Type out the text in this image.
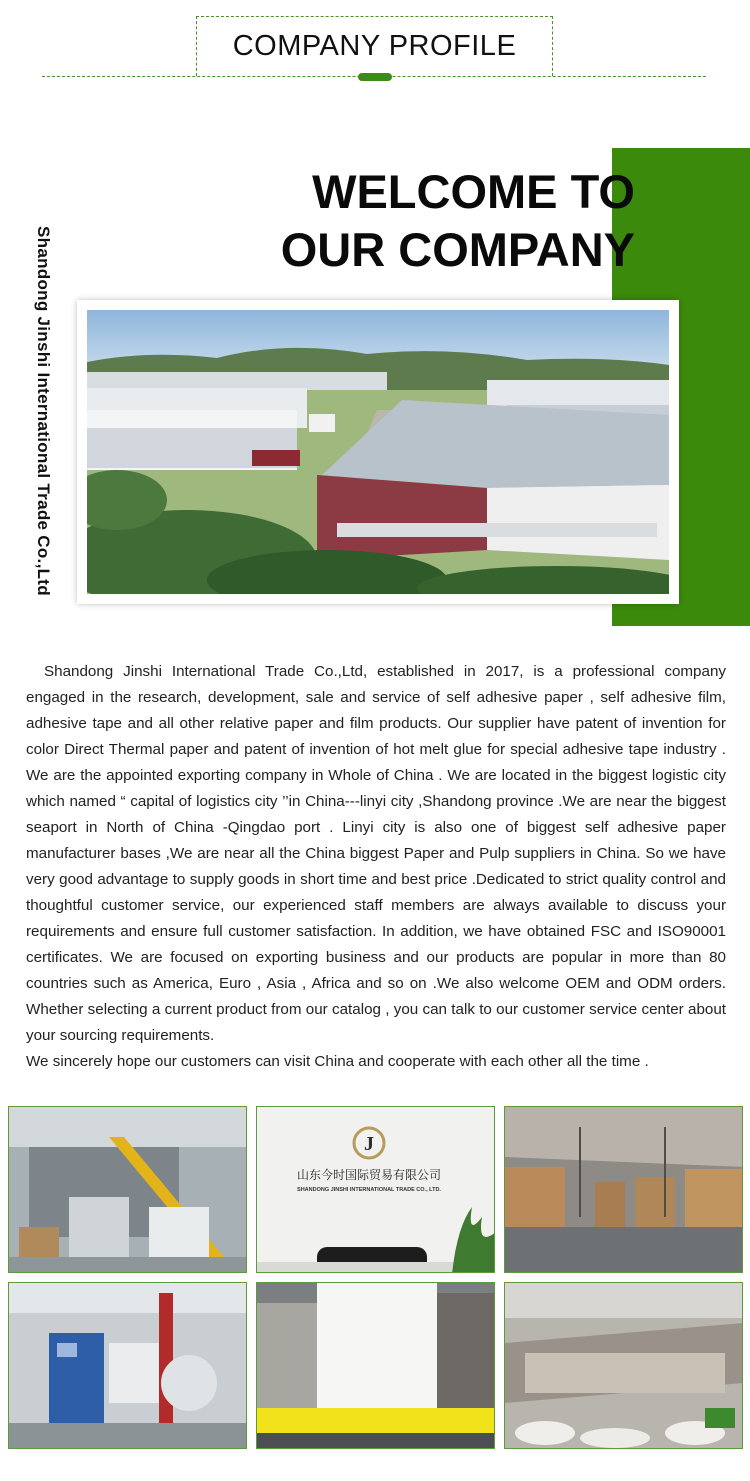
COMPANY PROFILE
WELCOME TO
OUR COMPANY
Shandong Jinshi International Trade Co.,Ltd

Shandong Jinshi International Trade Co.,Ltd, established in 2017, is a professional company engaged in the research, development, sale and service of self adhesive paper , self adhesive film, adhesive tape and all other relative paper and film products. Our supplier have patent of invention for color Direct Thermal paper and patent of invention of hot melt glue for special adhesive tape industry . We are the appointed exporting company in Whole of China . We are located in the biggest logistic city which named “ capital of logistics city ’’in China---linyi city ,Shandong province .We are near the biggest seaport in North of China -Qingdao port . Linyi city is also one of biggest self adhesive paper manufacturer bases ,We are near all the China biggest Paper and Pulp suppliers in China. So we have very good advantage to supply goods in short time and best price .Dedicated to strict quality control and thoughtful customer service, our experienced staff members are always available to discuss your requirements and ensure full customer satisfaction. In addition, we have obtained FSC and ISO90001 certificates. We are focused on exporting business and our products are popular in more than 80 countries such as America, Euro , Asia , Africa and so on .We also welcome OEM and ODM orders. Whether selecting a current product from our catalog , you can talk to our customer service center about your sourcing requirements.

We sincerely hope our customers can visit China and cooperate with each other all the time .

J
山东今时国际贸易有限公司
SHANDONG JINSHI INTERNATIONAL TRADE CO., LTD.
